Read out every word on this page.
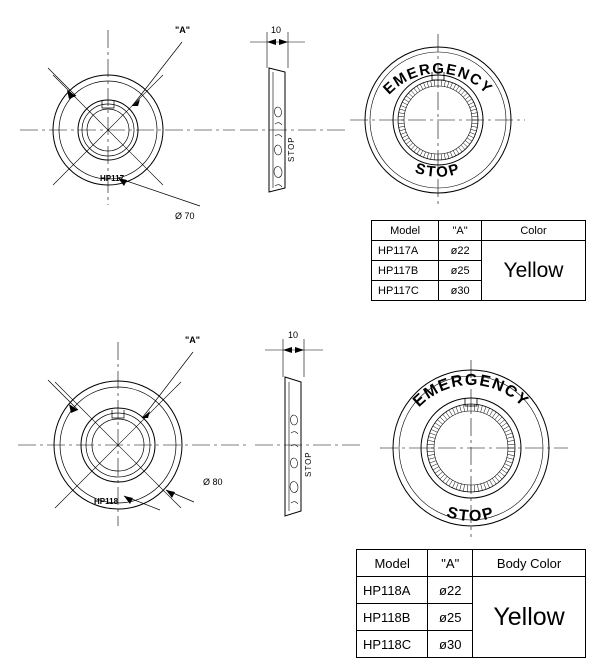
"A"
HP117
Ø 70
10
STOP
EMERGENCY
STOP
Model	"A"	Color
HP117A	ø22	Yellow
HP117B	ø25	
HP117C	ø30	
"A"
HP118
Ø 80
10
STOP
EMERGENCY
STOP
Model	"A"	Body Color
HP118A	ø22	Yellow
HP118B	ø25	
HP118C	ø30	
